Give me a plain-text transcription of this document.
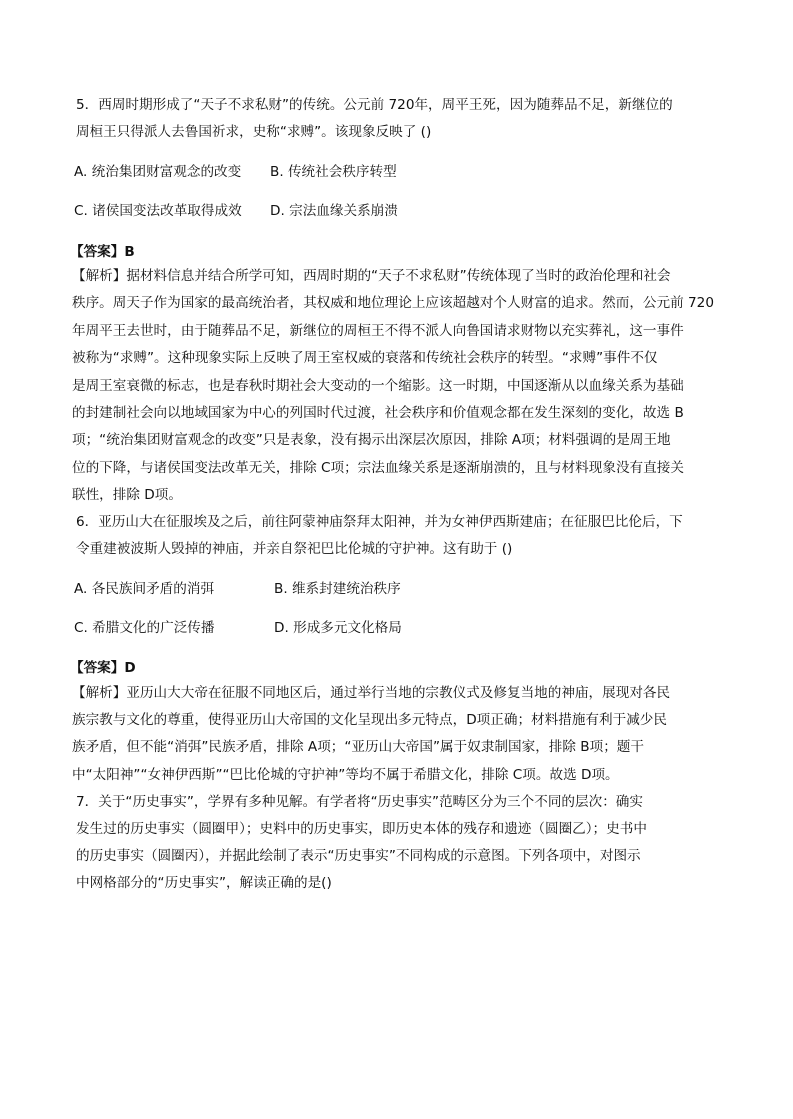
5．西周时期形成了“天子不求私财”的传统。公元前 720年，周平王死，因为随葬品不足，新继位的
周桓王只得派人去鲁国祈求，史称“求赙”。该现象反映了 ()
A. 统治集团财富观念的改变 B. 传统社会秩序转型
C. 诸侯国变法改革取得成效 D. 宗法血缘关系崩溃
【答案】B
【解析】据材料信息并结合所学可知，西周时期的“天子不求私财”传统体现了当时的政治伦理和社会
秩序。周天子作为国家的最高统治者，其权威和地位理论上应该超越对个人财富的追求。然而，公元前 720
年周平王去世时，由于随葬品不足，新继位的周桓王不得不派人向鲁国请求财物以充实葬礼，这一事件
被称为“求赙”。这种现象实际上反映了周王室权威的衰落和传统社会秩序的转型。“求赙”事件不仅
是周王室衰微的标志，也是春秋时期社会大变动的一个缩影。这一时期，中国逐渐从以血缘关系为基础
的封建制社会向以地域国家为中心的列国时代过渡，社会秩序和价值观念都在发生深刻的变化，故选 B
项；“统治集团财富观念的改变”只是表象，没有揭示出深层次原因，排除 A项；材料强调的是周王地
位的下降，与诸侯国变法改革无关，排除 C项；宗法血缘关系是逐渐崩溃的，且与材料现象没有直接关
联性，排除 D项。
6．亚历山大在征服埃及之后，前往阿蒙神庙祭拜太阳神，并为女神伊西斯建庙；在征服巴比伦后，下
令重建被波斯人毁掉的神庙，并亲自祭祀巴比伦城的守护神。这有助于 ()
A. 各民族间矛盾的消弭	B. 维系封建统治秩序
C. 希腊文化的广泛传播	D. 形成多元文化格局
【答案】D
【解析】亚历山大大帝在征服不同地区后，通过举行当地的宗教仪式及修复当地的神庙，展现对各民
族宗教与文化的尊重，使得亚历山大帝国的文化呈现出多元特点，D项正确；材料措施有利于减少民
族矛盾，但不能“消弭”民族矛盾，排除 A项；“亚历山大帝国”属于奴隶制国家，排除 B项；题干
中“太阳神”“女神伊西斯”“巴比伦城的守护神”等均不属于希腊文化，排除 C项。故选 D项。
7．关于“历史事实”，学界有多种见解。有学者将“历史事实”范畴区分为三个不同的层次：确实
发生过的历史事实（圆圈甲）；史料中的历史事实，即历史本体的残存和遗迹（圆圈乙）；史书中
的历史事实（圆圈丙），并据此绘制了表示“历史事实”不同构成的示意图。下列各项中，对图示
中网格部分的“历史事实”，解读正确的是()
